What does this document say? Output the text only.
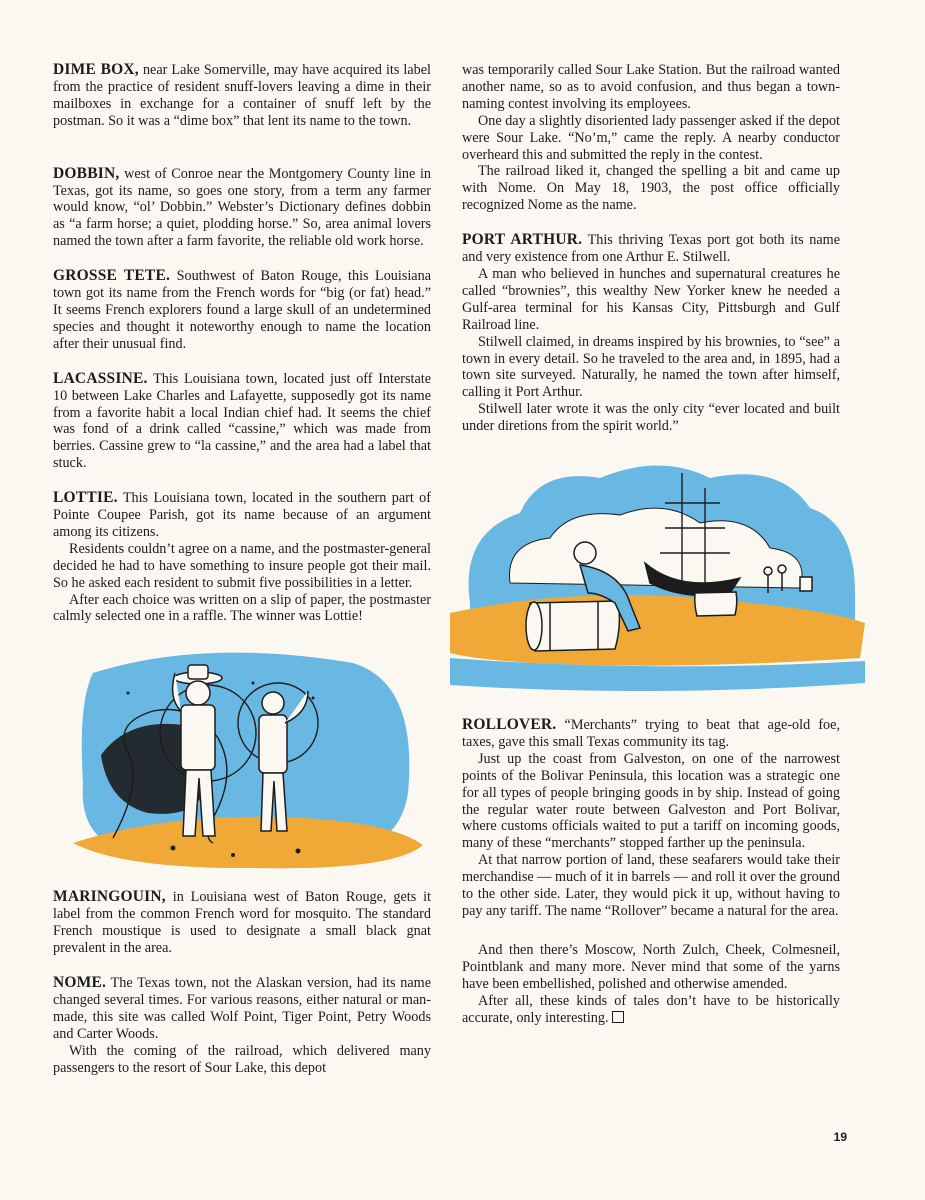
DIME BOX, near Lake Somerville, may have acquired its label from the practice of resident snuff-lovers leaving a dime in their mailboxes in exchange for a container of snuff left by the postman. So it was a “dime box” that lent its name to the town.

DOBBIN, west of Conroe near the Montgomery County line in Texas, got its name, so goes one story, from a term any farmer would know, “ol’ Dobbin.” Webster’s Dictionary defines dobbin as “a farm horse; a quiet, plodding horse.” So, area animal lovers named the town after a farm favorite, the reliable old work horse.

GROSSE TETE. Southwest of Baton Rouge, this Louisiana town got its name from the French words for “big (or fat) head.” It seems French explorers found a large skull of an undetermined species and thought it noteworthy enough to name the location after their unusual find.

LACASSINE. This Louisiana town, located just off Interstate 10 between Lake Charles and Lafayette, supposedly got its name from a favorite habit a local Indian chief had. It seems the chief was fond of a drink called “cassine,” which was made from berries. Cassine grew to “la cassine,” and the area had a label that stuck.

LOTTIE. This Louisiana town, located in the southern part of Pointe Coupee Parish, got its name because of an argument among its citizens.

Residents couldn’t agree on a name, and the postmaster-general decided he had to have something to insure people got their mail. So he asked each resident to submit five possibilities in a letter.

After each choice was written on a slip of paper, the postmaster calmly selected one in a raffle. The winner was Lottie!

MARINGOUIN, in Louisiana west of Baton Rouge, gets it label from the common French word for mosquito. The standard French moustique is used to designate a small black gnat prevalent in the area.

NOME. The Texas town, not the Alaskan version, had its name changed several times. For various reasons, either natural or man-made, this site was called Wolf Point, Tiger Point, Petry Woods and Carter Woods.

With the coming of the railroad, which delivered many passengers to the resort of Sour Lake, this depot

was temporarily called Sour Lake Station. But the railroad wanted another name, so as to avoid confusion, and thus began a town-naming contest involving its employees.

One day a slightly disoriented lady passenger asked if the depot were Sour Lake. “No’m,” came the reply. A nearby conductor overheard this and submitted the reply in the contest.

The railroad liked it, changed the spelling a bit and came up with Nome. On May 18, 1903, the post office officially recognized Nome as the name.

PORT ARTHUR. This thriving Texas port got both its name and very existence from one Arthur E. Stilwell.

A man who believed in hunches and supernatural creatures he called “brownies”, this wealthy New Yorker knew he needed a Gulf-area terminal for his Kansas City, Pittsburgh and Gulf Railroad line.

Stilwell claimed, in dreams inspired by his brownies, to “see” a town in every detail. So he traveled to the area and, in 1895, had a town site surveyed. Naturally, he named the town after himself, calling it Port Arthur.

Stilwell later wrote it was the only city “ever located and built under diretions from the spirit world.”

ROLLOVER. “Merchants” trying to beat that age-old foe, taxes, gave this small Texas community its tag.

Just up the coast from Galveston, on one of the narrowest points of the Bolivar Peninsula, this location was a strategic one for all types of people bringing goods in by ship. Instead of going the regular water route between Galveston and Port Bolivar, where customs officials waited to put a tariff on incoming goods, many of these “merchants” stopped farther up the peninsula.

At that narrow portion of land, these seafarers would take their merchandise — much of it in barrels — and roll it over the ground to the other side. Later, they would pick it up, without having to pay any tariff. The name “Rollover” became a natural for the area.

And then there’s Moscow, North Zulch, Cheek, Colmesneil, Pointblank and many more. Never mind that some of the yarns have been embellished, polished and otherwise amended.

After all, these kinds of tales don’t have to be historically accurate, only interesting.

19
